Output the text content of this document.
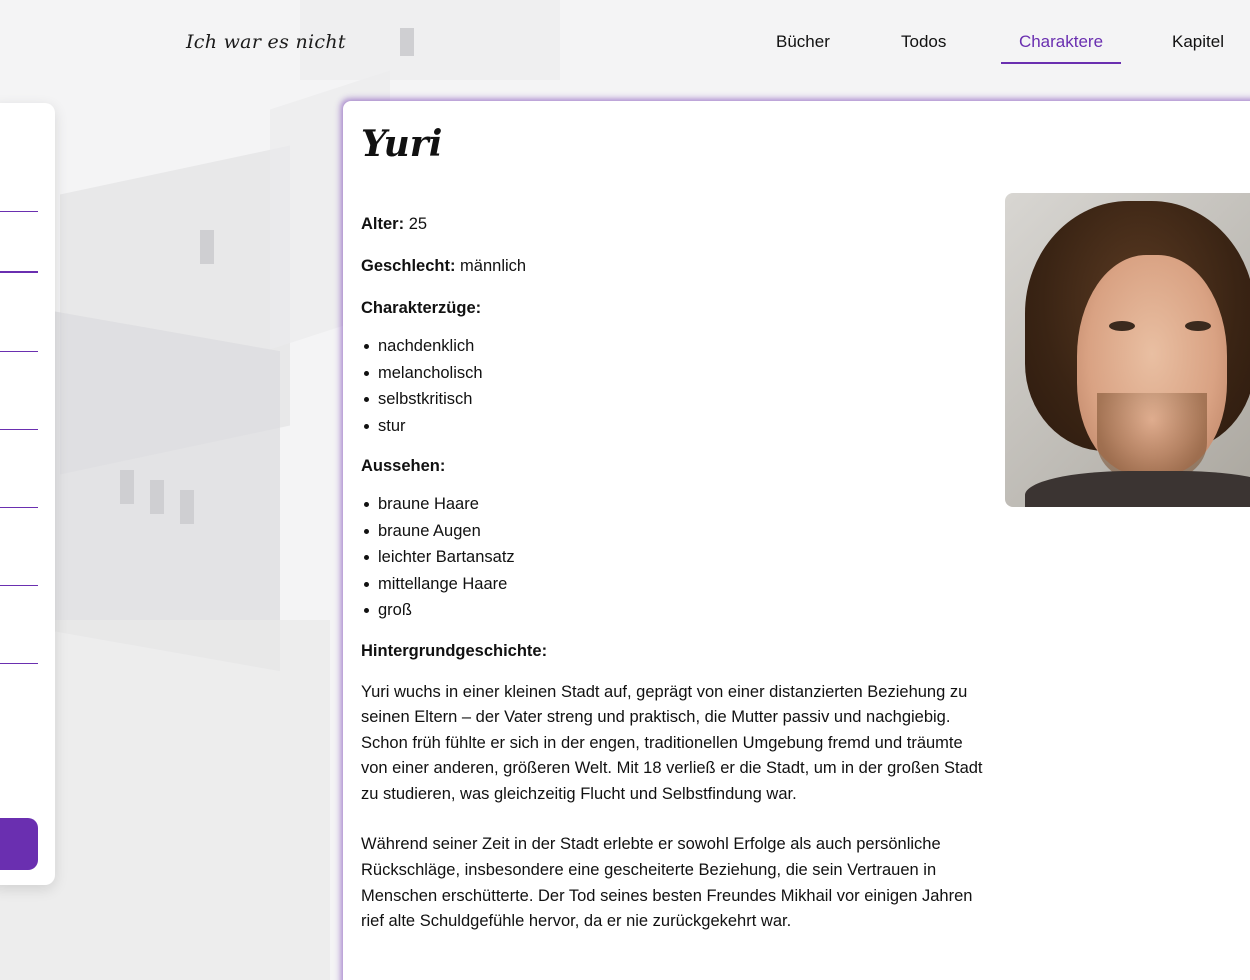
Ich war es nicht	Bücher	Todos	Charaktere	Kapitel
Yuri

Alter: 25

Geschlecht: männlich

Charakterzüge:

nachdenklich
melancholisch
selbstkritisch
stur

Aussehen:

braune Haare
braune Augen
leichter Bartansatz
mittellange Haare
groß

Hintergrundgeschichte:

Yuri wuchs in einer kleinen Stadt auf, geprägt von einer distanzierten Beziehung zu seinen Eltern – der Vater streng und praktisch, die Mutter passiv und nachgiebig. Schon früh fühlte er sich in der engen, traditionellen Umgebung fremd und träumte von einer anderen, größeren Welt. Mit 18 verließ er die Stadt, um in der großen Stadt zu studieren, was gleichzeitig Flucht und Selbstfindung war.

Während seiner Zeit in der Stadt erlebte er sowohl Erfolge als auch persönliche Rückschläge, insbesondere eine gescheiterte Beziehung, die sein Vertrauen in Menschen erschütterte. Der Tod seines besten Freundes Mikhail vor einigen Jahren rief alte Schuldgefühle hervor, da er nie zurückgekehrt war.
